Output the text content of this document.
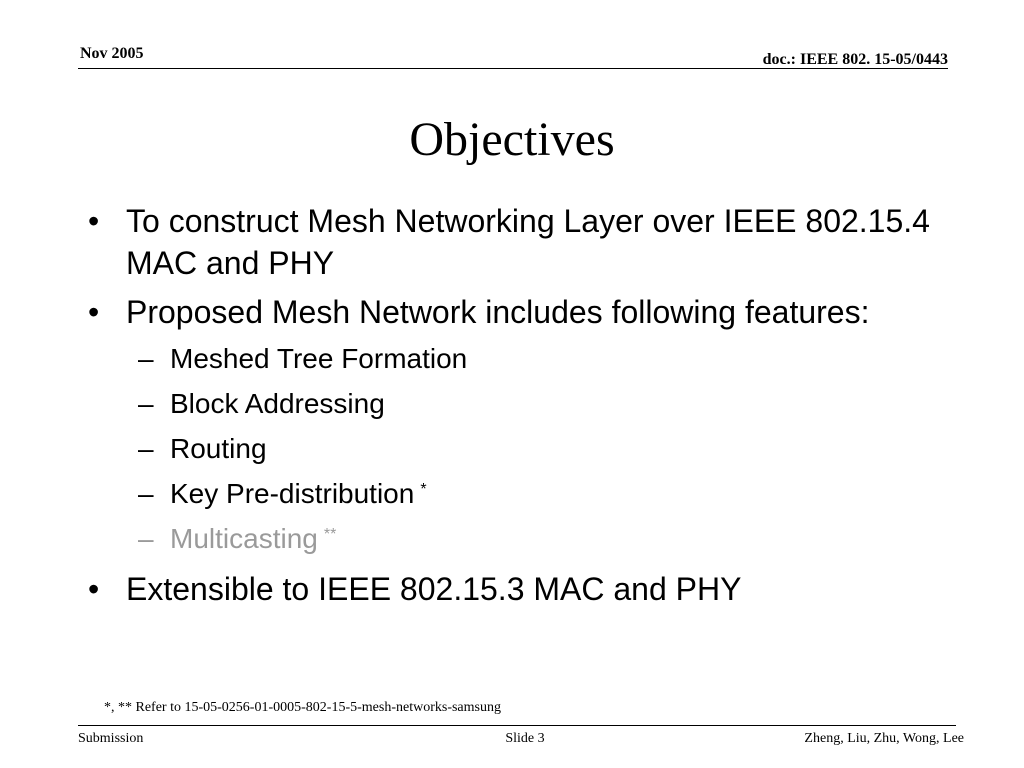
Nov 2005	doc.: IEEE 802. 15-05/0443
Objectives
• To construct Mesh Networking Layer over IEEE 802.15.4 MAC and PHY
• Proposed Mesh Network includes following features:
– Meshed Tree Formation
– Block Addressing
– Routing
– Key Pre-distribution *
– Multicasting **
• Extensible to IEEE 802.15.3 MAC and PHY
*, ** Refer to 15-05-0256-01-0005-802-15-5-mesh-networks-samsung
Submission	Slide 3	Zheng, Liu, Zhu, Wong, Lee
